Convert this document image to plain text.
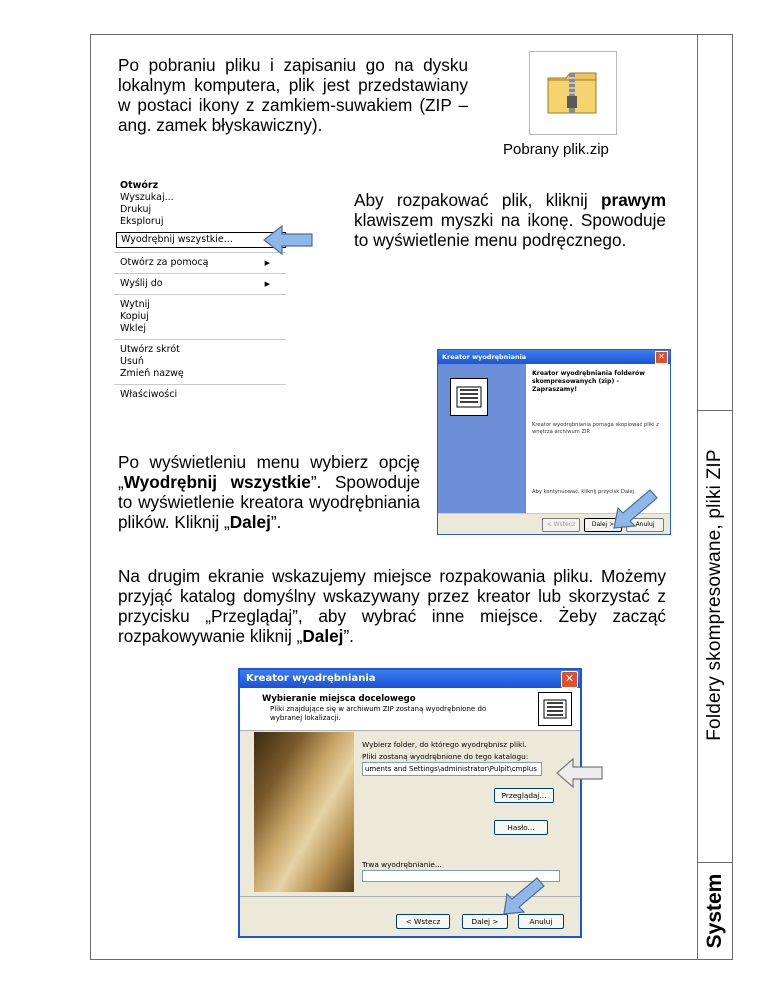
Foldery skompresowane, pliki ZIP
System
Po pobraniu pliku i zapisaniu go na dysku lokalnym komputera, plik jest przedstawiany w postaci ikony z zamkiem-suwakiem (ZIP – ang. zamek błyskawiczny).
Pobrany plik.zip
Otwórz
Wyszukaj...
Drukuj
Eksploruj
Wyodrębnij wszystkie...
Otwórz za pomocą	▶
Wyślij do	▶
Wytnij
Kopiuj
Wklej
Utwórz skrót
Usuń
Zmień nazwę
Właściwości
Aby rozpakować plik, kliknij prawym klawiszem myszki na ikonę. Spowoduje to wyświetlenie menu podręcznego.
Kreator wyodrębniania	✕
Kreator wyodrębniania folderów skompresowanych (zip) - Zapraszamy!
Kreator wyodrębniania pomaga skopiować pliki z wnętrza archiwum ZIP.
Aby kontynuować, kliknij przycisk Dalej.
< Wstecz	Dalej >	Anuluj
Po wyświetleniu menu wybierz opcję „Wyodrębnij wszystkie”. Spowoduje to wyświetlenie kreatora wyodrębniania plików. Kliknij „Dalej”.
Na drugim ekranie wskazujemy miejsce rozpakowania pliku. Możemy przyjąć katalog domyślny wskazywany przez kreator lub skorzystać z przycisku „Przeglądaj”, aby wybrać inne miejsce. Żeby zacząć rozpakowywanie kliknij „Dalej”.
Kreator wyodrębniania	✕
Wybieranie miejsca docelowego
Pliki znajdujące się w archiwum ZIP zostaną wyodrębnione do wybranej lokalizacji.
Wybierz folder, do którego wyodrębnisz pliki.
Pliki zostaną wyodrębnione do tego katalogu:
uments and Settings\administrator\Pulpit\cmplus
Przeglądaj...
Hasło...
Trwa wyodrębnianie...
< Wstecz	Dalej >	Anuluj
